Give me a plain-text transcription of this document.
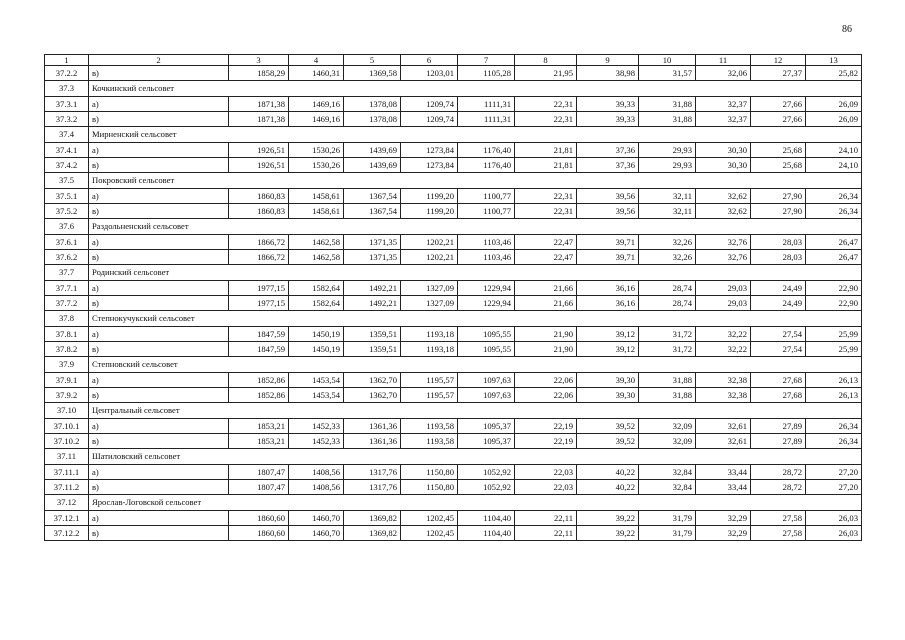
86
1	2	3	4	5	6	7	8	9	10	11	12	13
37.2.2	в)	1858,29	1460,31	1369,58	1203,01	1105,28	21,95	38,98	31,57	32,06	27,37	25,82
37.3	Кочкинский сельсовет											
37.3.1	а)	1871,38	1469,16	1378,08	1209,74	1111,31	22,31	39,33	31,88	32,37	27,66	26,09
37.3.2	в)	1871,38	1469,16	1378,08	1209,74	1111,31	22,31	39,33	31,88	32,37	27,66	26,09
37.4	Мирненский сельсовет											
37.4.1	а)	1926,51	1530,26	1439,69	1273,84	1176,40	21,81	37,36	29,93	30,30	25,68	24,10
37.4.2	в)	1926,51	1530,26	1439,69	1273,84	1176,40	21,81	37,36	29,93	30,30	25,68	24,10
37.5	Покровский сельсовет											
37.5.1	а)	1860,83	1458,61	1367,54	1199,20	1100,77	22,31	39,56	32,11	32,62	27,90	26,34
37.5.2	в)	1860,83	1458,61	1367,54	1199,20	1100,77	22,31	39,56	32,11	32,62	27,90	26,34
37.6	Раздольненский сельсовет											
37.6.1	а)	1866,72	1462,58	1371,35	1202,21	1103,46	22,47	39,71	32,26	32,76	28,03	26,47
37.6.2	в)	1866,72	1462,58	1371,35	1202,21	1103,46	22,47	39,71	32,26	32,76	28,03	26,47
37.7	Родинский сельсовет											
37.7.1	а)	1977,15	1582,64	1492,21	1327,09	1229,94	21,66	36,16	28,74	29,03	24,49	22,90
37.7.2	в)	1977,15	1582,64	1492,21	1327,09	1229,94	21,66	36,16	28,74	29,03	24,49	22,90
37.8	Степнокучукский сельсовет											
37.8.1	а)	1847,59	1450,19	1359,51	1193,18	1095,55	21,90	39,12	31,72	32,22	27,54	25,99
37.8.2	в)	1847,59	1450,19	1359,51	1193,18	1095,55	21,90	39,12	31,72	32,22	27,54	25,99
37.9	Степновский сельсовет											
37.9.1	а)	1852,86	1453,54	1362,70	1195,57	1097,63	22,06	39,30	31,88	32,38	27,68	26,13
37.9.2	в)	1852,86	1453,54	1362,70	1195,57	1097,63	22,06	39,30	31,88	32,38	27,68	26,13
37.10	Центральный сельсовет											
37.10.1	а)	1853,21	1452,33	1361,36	1193,58	1095,37	22,19	39,52	32,09	32,61	27,89	26,34
37.10.2	в)	1853,21	1452,33	1361,36	1193,58	1095,37	22,19	39,52	32,09	32,61	27,89	26,34
37.11	Шатиловский сельсовет											
37.11.1	а)	1807,47	1408,56	1317,76	1150,80	1052,92	22,03	40,22	32,84	33,44	28,72	27,20
37.11.2	в)	1807,47	1408,56	1317,76	1150,80	1052,92	22,03	40,22	32,84	33,44	28,72	27,20
37.12	Ярослав-Логовской сельсовет											
37.12.1	а)	1860,60	1460,70	1369,82	1202,45	1104,40	22,11	39,22	31,79	32,29	27,58	26,03
37.12.2	в)	1860,60	1460,70	1369,82	1202,45	1104,40	22,11	39,22	31,79	32,29	27,58	26,03
